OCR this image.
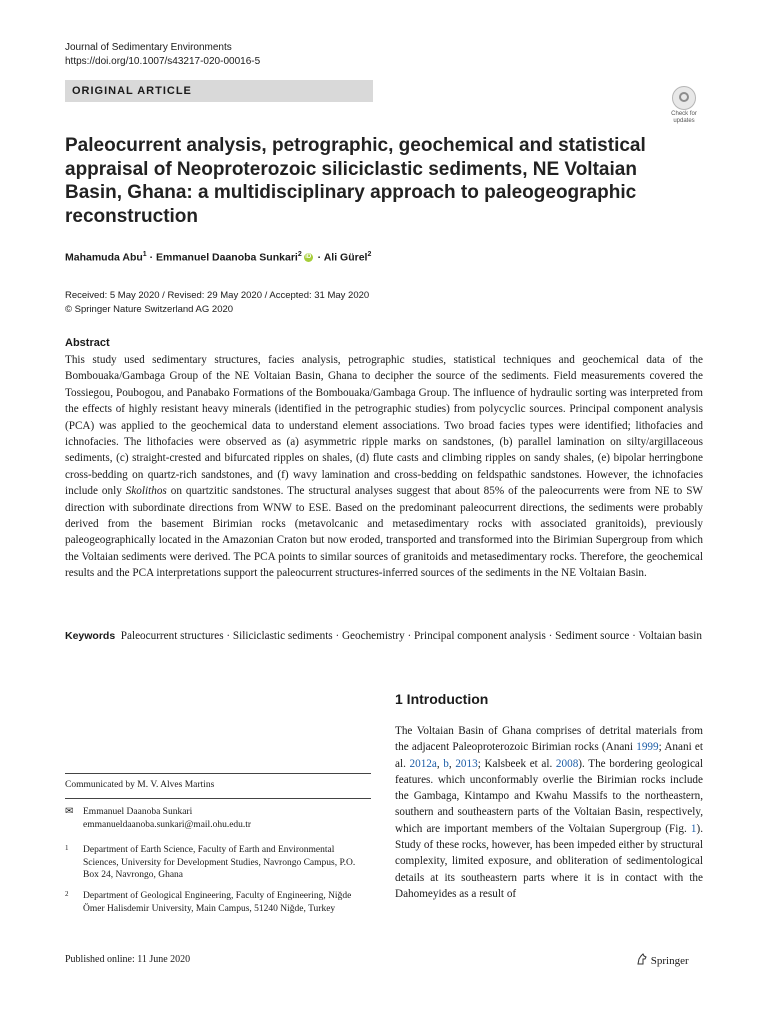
Journal of Sedimentary Environments
https://doi.org/10.1007/s43217-020-00016-5
ORIGINAL ARTICLE
Check for updates
Paleocurrent analysis, petrographic, geochemical and statistical appraisal of Neoproterozoic siliciclastic sediments, NE Voltaian Basin, Ghana: a multidisciplinary approach to paleogeographic reconstruction
Mahamuda Abu$^1$ · Emmanuel Daanoba Sunkari$^2$ iD · Ali Gürel$^2$
Received: 5 May 2020 / Revised: 29 May 2020 / Accepted: 31 May 2020
© Springer Nature Switzerland AG 2020
Abstract

This study used sedimentary structures, facies analysis, petrographic studies, statistical techniques and geochemical data of the Bombouaka/Gambaga Group of the NE Voltaian Basin, Ghana to decipher the source of the sediments. Field measurements covered the Tossiegou, Poubogou, and Panabako Formations of the Bombouaka/Gambaga Group. The influence of hydraulic sorting was interpreted from the effects of highly resistant heavy minerals (identified in the petrographic studies) from polycyclic sources. Principal component analysis (PCA) was applied to the geochemical data to understand element associations. Two broad facies types were identified; lithofacies and ichnofacies. The lithofacies were observed as (a) asymmetric ripple marks on sandstones, (b) parallel lamination on silty/argillaceous sediments, (c) straight-crested and bifurcated ripples on shales, (d) flute casts and climbing ripples on sandy shales, (e) bipolar herringbone cross-bedding on quartz-rich sandstones, and (f) wavy lamination and cross-bedding on feldspathic sandstones. However, the ichnofacies include only Skolithos on quartzitic sandstones. The structural analyses suggest that about 85% of the paleocurrents were from NE to SW direction with subordinate directions from WNW to ESE. Based on the predominant paleocurrent directions, the sediments were probably derived from the basement Birimian rocks (metavolcanic and metasedimentary rocks with associated granitoids), previously paleogeographically located in the Amazonian Craton but now eroded, transported and transformed into the Birimian Supergroup from which the Voltaian sediments were derived. The PCA points to similar sources of granitoids and metasedimentary rocks. Therefore, the geochemical results and the PCA interpretations support the paleocurrent structures-inferred sources of the sediments in the NE Voltaian Basin.

Keywords Paleocurrent structures · Siliciclastic sediments · Geochemistry · Principal component analysis · Sediment source · Voltaian basin
1 Introduction

The Voltaian Basin of Ghana comprises of detrital materials from the adjacent Paleoproterozoic Birimian rocks (Anani 1999; Anani et al. 2012a, b, 2013; Kalsbeek et al. 2008). The bordering geological features. which unconformably overlie the Birimian rocks include the Gambaga, Kintampo and Kwahu Massifs to the northeastern, southern and southeastern parts of the Voltaian Basin, respectively, which are important members of the Voltaian Supergroup (Fig. 1). Study of these rocks, however, has been impeded either by structural complexity, limited exposure, and obliteration of sedimentological details at its southeastern parts where it is in contact with the Dahomeyides as a result of

Communicated by M. V. Alves Martins
✉ Emmanuel Daanoba Sunkari
emmanueldaanoba.sunkari@mail.ohu.edu.tr
1 Department of Earth Science, Faculty of Earth and Environmental Sciences, University for Development Studies, Navrongo Campus, P.O. Box 24, Navrongo, Ghana
2 Department of Geological Engineering, Faculty of Engineering, Niğde Ömer Halisdemir University, Main Campus, 51240 Niğde, Turkey
Published online: 11 June 2020	Springer
